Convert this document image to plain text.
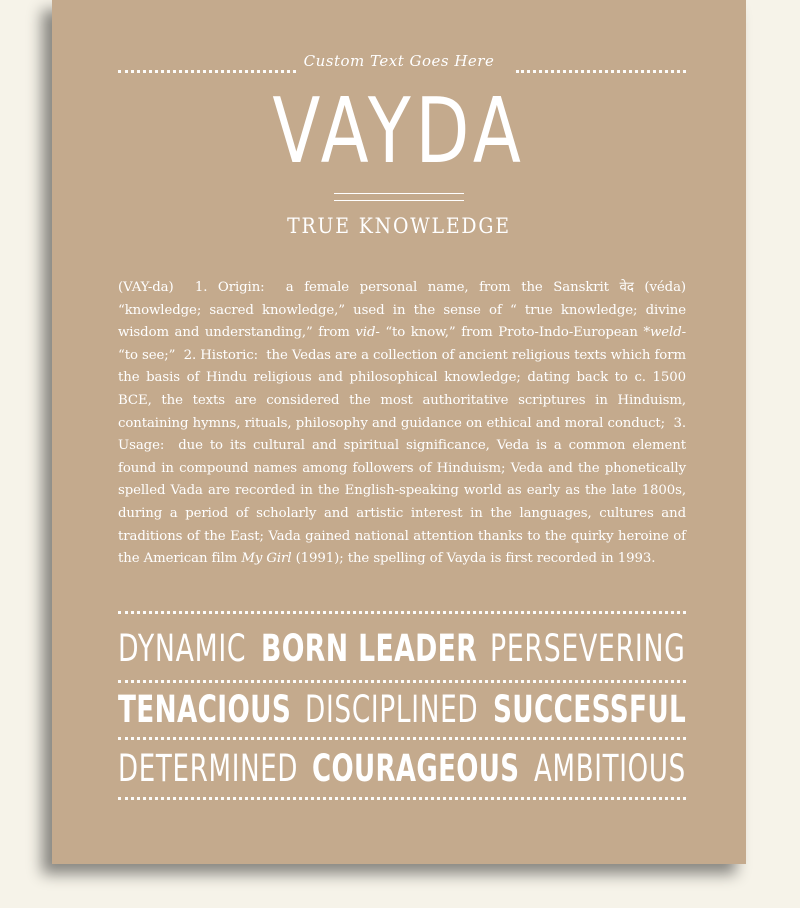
Custom Text Goes Here
VAYDA
TRUE KNOWLEDGE

(VAY-da) 1. Origin: a female personal name, from the Sanskrit वेद (véda) “knowledge; sacred knowledge,” used in the sense of “ true knowledge; divine wisdom and understanding,” from vid- “to know,” from Proto-Indo-European *weld- “to see;” 2. Historic: the Vedas are a collection of ancient religious texts which form the basis of Hindu religious and philosophical knowledge; dating back to c. 1500 BCE, the texts are considered the most authoritative scriptures in Hinduism, containing hymns, rituals, philosophy and guidance on ethical and moral conduct; 3. Usage: due to its cultural and spiritual significance, Veda is a common element found in compound names among followers of Hinduism; Veda and the phonetically spelled Vada are recorded in the English-speaking world as early as the late 1800s, during a period of scholarly and artistic interest in the languages, cultures and traditions of the East; Vada gained national attention thanks to the quirky heroine of the American film My Girl (1991); the spelling of Vayda is first recorded in 1993.

DYNAMIC BORN LEADER PERSEVERING
TENACIOUS DISCIPLINED SUCCESSFUL
DETERMINED COURAGEOUS AMBITIOUS
